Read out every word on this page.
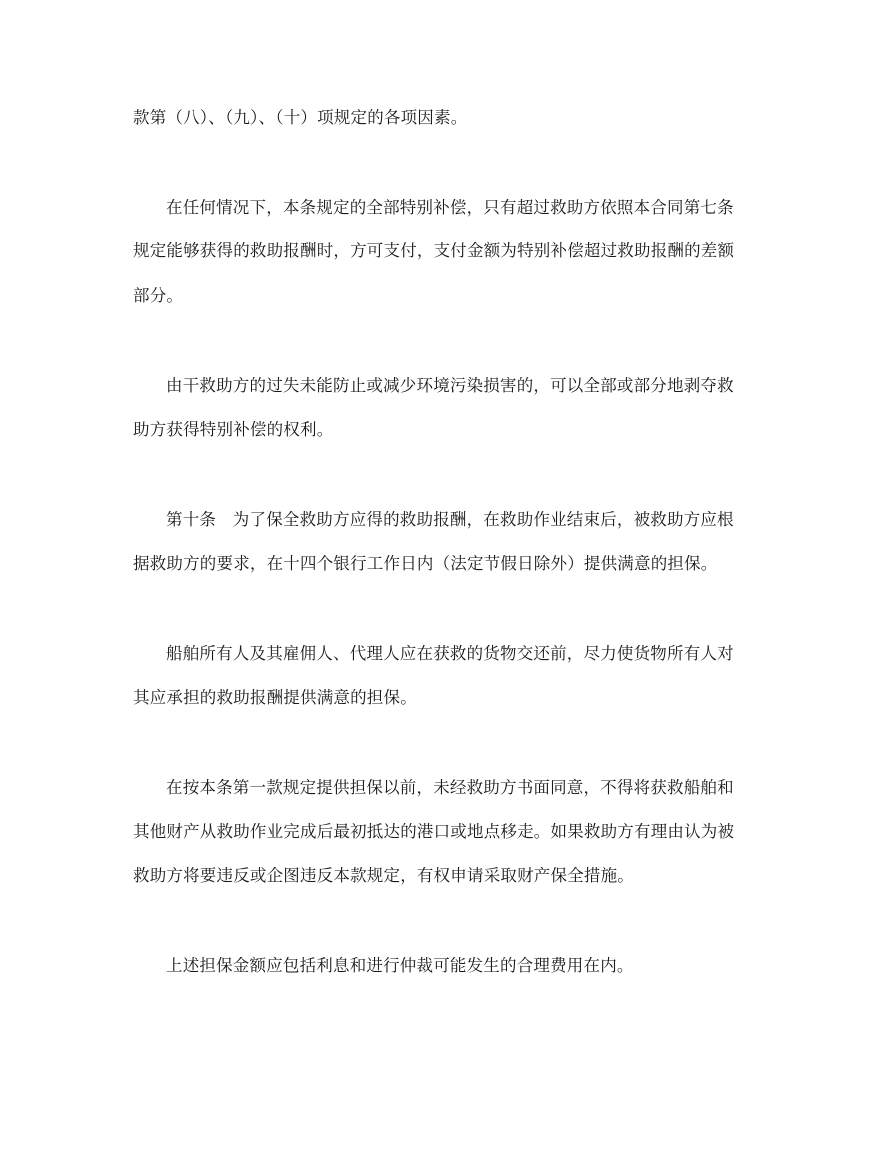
款第（八）、（九）、（十）项规定的各项因素。
在任何情况下，本条规定的全部特别补偿，只有超过救助方依照本合同第七条
规定能够获得的救助报酬时，方可支付，支付金额为特别补偿超过救助报酬的差额
部分。
由干救助方的过失未能防止或减少环境污染损害的，可以全部或部分地剥夺救
助方获得特别补偿的权利。
第十条　为了保全救助方应得的救助报酬，在救助作业结束后，被救助方应根
据救助方的要求，在十四个银行工作日内（法定节假日除外）提供满意的担保。
船舶所有人及其雇佣人、代理人应在获救的货物交还前，尽力使货物所有人对
其应承担的救助报酬提供满意的担保。
在按本条第一款规定提供担保以前，未经救助方书面同意，不得将获救船舶和
其他财产从救助作业完成后最初抵达的港口或地点移走。如果救助方有理由认为被
救助方将要违反或企图违反本款规定，有权申请采取财产保全措施。
上述担保金额应包括利息和进行仲裁可能发生的合理费用在内。
